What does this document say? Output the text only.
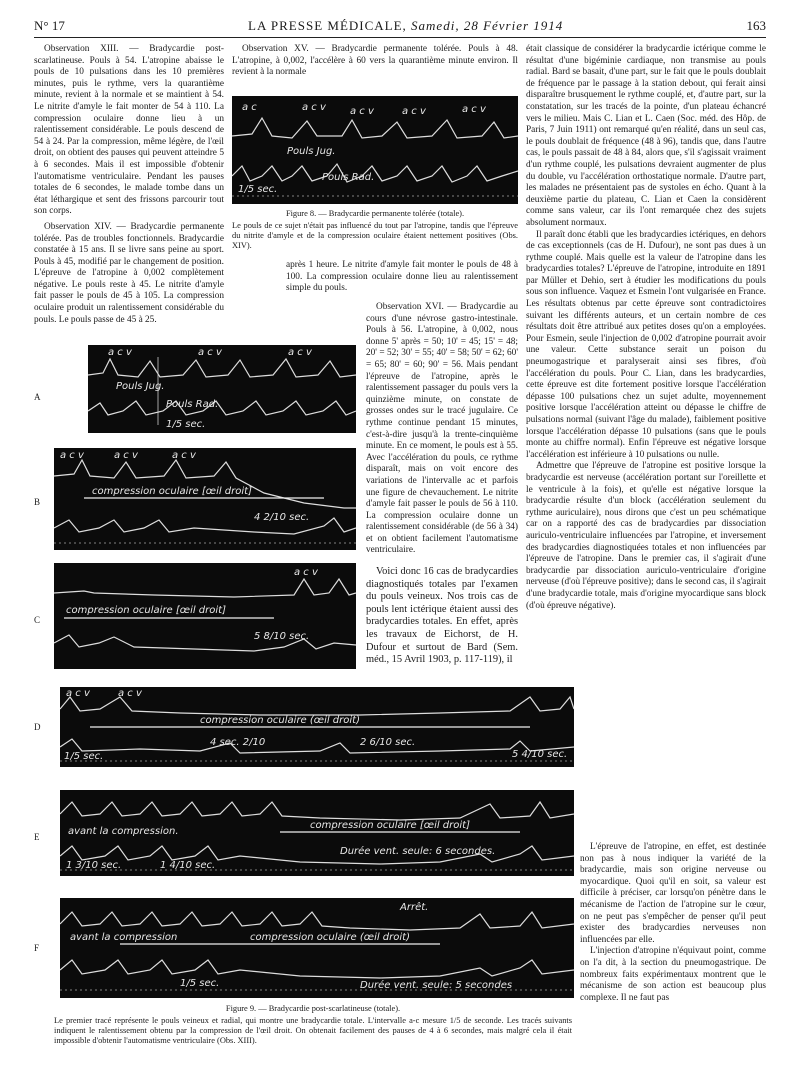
N° 17	LA PRESSE MÉDICALE, Samedi, 28 Février 1914	163

Observation XIII. — Bradycardie post-scarlatineuse. Pouls à 54. L'atropine abaisse le pouls de 10 pulsations dans les 10 premières minutes, puis le rythme, vers la quarantième minute, revient à la normale et se maintient à 54. Le nitrite d'amyle le fait monter de 54 à 110. La compression oculaire donne lieu à un ralentissement considérable. Le pouls descend de 54 à 24. Par la compression, même légère, de l'œil droit, on obtient des pauses qui peuvent atteindre 5 à 6 secondes. Mais il est impossible d'obtenir l'automatisme ventriculaire. Pendant les pauses totales de 6 secondes, le malade tombe dans un état léthargique et sent des frissons parcourir tout son corps.

Observation XIV. — Bradycardie permanente tolérée. Pas de troubles fonctionnels. Bradycardie constatée à 15 ans. Il se livre sans peine au sport. Pouls à 45, modifié par le changement de position. L'épreuve de l'atropine à 0,002 complètement négative. Le pouls reste à 45. Le nitrite d'amyle fait passer le pouls de 45 à 105. La compression oculaire produit un ralentissement considérable du pouls. Le pouls passe de 45 à 25.

Observation XV. — Bradycardie permanente tolérée. Pouls à 48. L'atropine, à 0,002, l'accélère à 60 vers la quarantième minute environ. Il revient à la normale

a c	a c v a c v	a c v	a c v
Pouls Jug.
Pouls Rad.
1/5 sec.
Figure 8. — Bradycardie permanente tolérée (totale).
Le pouls de ce sujet n'était pas influencé du tout par l'atropine, tandis que l'épreuve du nitrite d'amyle et de la compression oculaire étaient nettement positives (Obs. XIV).

après 1 heure. Le nitrite d'amyle fait monter le pouls de 48 à 100. La compression oculaire donne lieu au ralentissement simple du pouls.

Observation XVI. — Bradycardie au cours d'une névrose gastro-intestinale. Pouls à 56. L'atropine, à 0,002, nous donne 5' après = 50; 10' = 45; 15' = 48; 20' = 52; 30' = 55; 40' = 58; 50' = 62; 60' = 65; 80' = 60; 90' = 56. Mais pendant l'épreuve de l'atropine, après le ralentissement passager du pouls vers la quinzième minute, on constate de grosses ondes sur le tracé jugulaire. Ce rythme continue pendant 15 minutes, c'est-à-dire jusqu'à la trente-cinquième minute. En ce moment, le pouls est à 55. Avec l'accélération du pouls, ce rythme disparaît, mais on voit encore des variations de l'intervalle ac et parfois une figure de chevauchement. Le nitrite d'amyle fait passer le pouls de 56 à 110. La compression oculaire donne un ralentissement considérable (de 56 à 34) et on obtient facilement l'automatisme ventriculaire.

Voici donc 16 cas de bradycardies diagnostiqués totales par l'examen du pouls veineux. Nos trois cas de pouls lent ictérique étaient aussi des bradycardies totales. En effet, après les travaux de Eichorst, de H. Dufour et surtout de Bard (Sem. méd., 15 Avril 1903, p. 117-119), il

était classique de considérer la bradycardie ictérique comme le résultat d'une bigéminie cardiaque, non transmise au pouls radial. Bard se basait, d'une part, sur le fait que le pouls doublait de fréquence par le passage à la station debout, qui ferait ainsi disparaître brusquement le rythme couplé, et, d'autre part, sur la constatation, sur les tracés de la pointe, d'un plateau échancré vers le milieu. Mais C. Lian et L. Caen (Soc. méd. des Hôp. de Paris, 7 Juin 1911) ont remarqué qu'en réalité, dans un seul cas, le pouls doublait de fréquence (48 à 96), tandis que, dans l'autre cas, le pouls passait de 48 à 84, alors que, s'il s'agissait vraiment d'un rythme couplé, les pulsations devraient augmenter de plus du double, vu l'accélération orthostatique normale. D'autre part, les malades ne présentaient pas de systoles en écho. Quant à la deuxième partie du plateau, C. Lian et Caen la considèrent comme sans valeur, car ils l'ont remarquée chez des sujets absolument normaux.

Il paraît donc établi que les bradycardies ictériques, en dehors de cas exceptionnels (cas de H. Dufour), ne sont pas dues à un rythme couplé. Mais quelle est la valeur de l'atropine dans les bradycardies totales? L'épreuve de l'atropine, introduite en 1891 par Müller et Dehio, sert à étudier les modifications du pouls sous son influence. Vaquez et Esmein l'ont vulgarisée en France. Les résultats obtenus par cette épreuve sont contradictoires suivant les différents auteurs, et un certain nombre de ces résultats doit être attribué aux petites doses qu'on a employées. Pour Esmein, seule l'injection de 0,002 d'atropine pourrait avoir une valeur. Cette substance serait un poison du pneumogastrique et paralyserait ainsi ses fibres, d'où l'accélération du pouls. Pour C. Lian, dans les bradycardies, cette épreuve est dite fortement positive lorsque l'accélération dépasse 100 pulsations chez un sujet adulte, moyennement positive lorsque l'accélération atteint ou dépasse le chiffre de pulsations normal (suivant l'âge du malade), faiblement positive lorsque l'accélération dépasse 10 pulsations (sans que le pouls monte au chiffre normal). Enfin l'épreuve est négative lorsque l'accélération est inférieure à 10 pulsations ou nulle.

Admettre que l'épreuve de l'atropine est positive lorsque la bradycardie est nerveuse (accélération portant sur l'oreillette et le ventricule à la fois), et qu'elle est négative lorsque la bradycardie résulte d'un block (accélération seulement du rythme auriculaire), nous dirons que c'est un peu schématique car on a rapporté des cas de bradycardies par dissociation auriculo-ventriculaire influencées par l'atropine, et inversement des bradycardies diagnostiquées totales et non influencées par l'épreuve de l'atropine. Dans le premier cas, il s'agirait d'une bradycardie par dissociation auriculo-ventriculaire d'origine nerveuse (d'où l'épreuve positive); dans le second cas, il s'agirait d'une bradycardie totale, mais d'origine myocardique sans block (d'où épreuve négative).

L'épreuve de l'atropine, en effet, est destinée non pas à nous indiquer la variété de la bradycardie, mais son origine nerveuse ou myocardique. Quoi qu'il en soit, sa valeur est difficile à préciser, car lorsqu'on pénètre dans le mécanisme de l'action de l'atropine sur le cœur, on ne peut pas s'empêcher de penser qu'il peut exister des bradycardies nerveuses non influencées par elle.

L'injection d'atropine n'équivaut point, comme on l'a dit, à la section du pneumogastrique. De nombreux faits expérimentaux montrent que le mécanisme de son action est beaucoup plus complexe. Il ne faut pas

A
a c v	a c v	a c v
Pouls Jug.
Pouls Rad.
1/5 sec.
B
a c v	a c v	a c v
compression oculaire [œil droit]
4 2/10 sec.
C
a c v
compression oculaire [œil droit]
5 8/10 sec.
D
a c v	a c v
compression oculaire (œil droit)
4 sec. 2/10	2 6/10 sec.
5 4/10 sec.
1/5 sec.
E	avant la compression.
compression oculaire [œil droit]
Durée vent. seule: 6 secondes.
1 3/10 sec.	1 4/10 sec.
F
avant la compression	compression oculaire (œil droit)
Arrêt.
Durée vent. seule: 5 secondes
1/5 sec.
Figure 9. — Bradycardie post-scarlatineuse (totale).
Le premier tracé représente le pouls veineux et radial, qui montre une bradycardie totale. L'intervalle a-c mesure 1/5 de seconde. Les tracés suivants indiquent le ralentissement obtenu par la compression de l'œil droit. On obtenait facilement des pauses de 4 à 6 secondes, mais malgré cela il était impossible d'obtenir l'automatisme ventriculaire (Obs. XIII).
